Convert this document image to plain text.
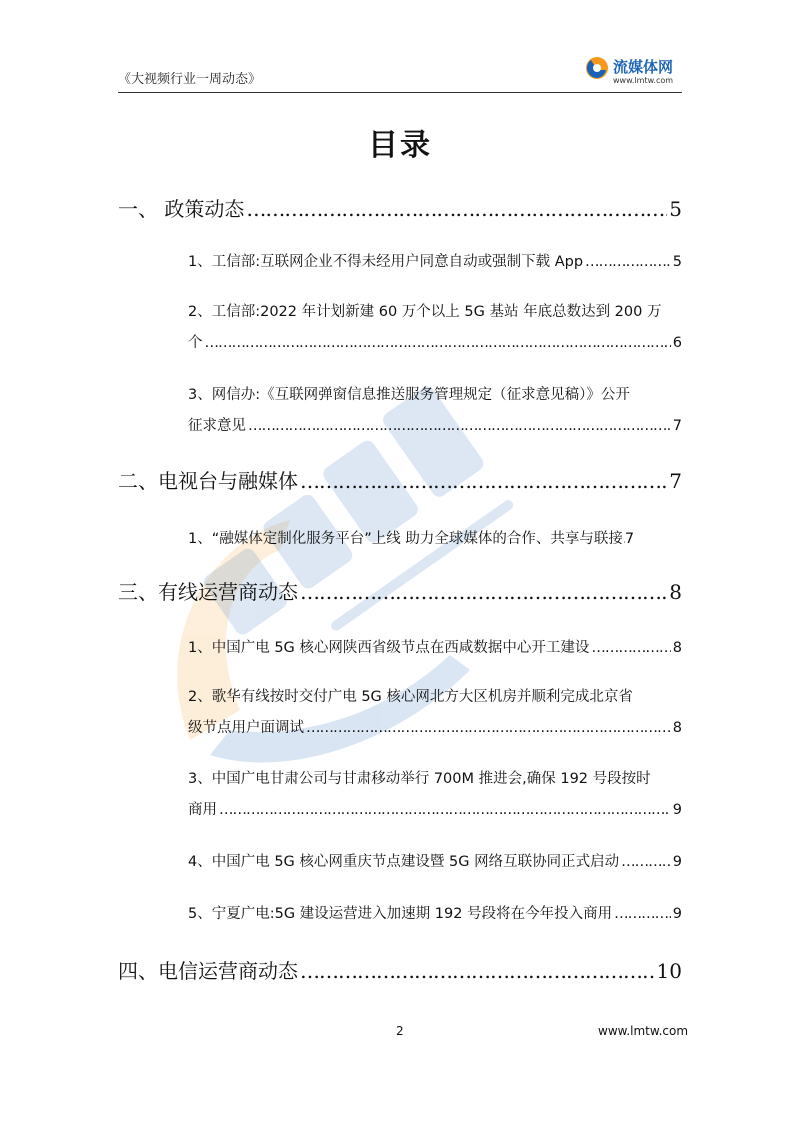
《大视频行业一周动态》
流媒体网
www.lmtw.com
目录
一、 政策动态 ……………………………………………………………………………………………………………………………………………………………………………………………	5
1、工信部:互联网企业不得未经用户同意自动或强制下载 App ……………………………………………………………………………………………………………………………………………………………………………………………	5
2、工信部:2022 年计划新建 60 万个以上 5G 基站 年底总数达到 200 万
个 ……………………………………………………………………………………………………………………………………………………………………………………………	6
3、网信办:《互联网弹窗信息推送服务管理规定（征求意见稿）》公开
征求意见 ……………………………………………………………………………………………………………………………………………………………………………………………	7
二、电视台与融媒体 ……………………………………………………………………………………………………………………………………………………………………………………………	7
1、“融媒体定制化服务平台”上线 助力全球媒体的合作、共享与联接 …………………………………………………………………………………………………………………………………………………………………………………………… 7
三、有线运营商动态 ……………………………………………………………………………………………………………………………………………………………………………………………	8
1、中国广电 5G 核心网陕西省级节点在西咸数据中心开工建设 ……………………………………………………………………………………………………………………………………………………………………………………………	8
2、歌华有线按时交付广电 5G 核心网北方大区机房并顺利完成北京省
级节点用户面调试 ……………………………………………………………………………………………………………………………………………………………………………………………	8
3、中国广电甘肃公司与甘肃移动举行 700M 推进会,确保 192 号段按时
商用 ……………………………………………………………………………………………………………………………………………………………………………………………	9
4、中国广电 5G 核心网重庆节点建设暨 5G 网络互联协同正式启动 ……………………………………………………………………………………………………………………………………………………………………………………………	9
5、宁夏广电:5G 建设运营进入加速期 192 号段将在今年投入商用 ……………………………………………………………………………………………………………………………………………………………………………………………	9
四、电信运营商动态 ……………………………………………………………………………………………………………………………………………………………………………………………	10
2	www.lmtw.com
